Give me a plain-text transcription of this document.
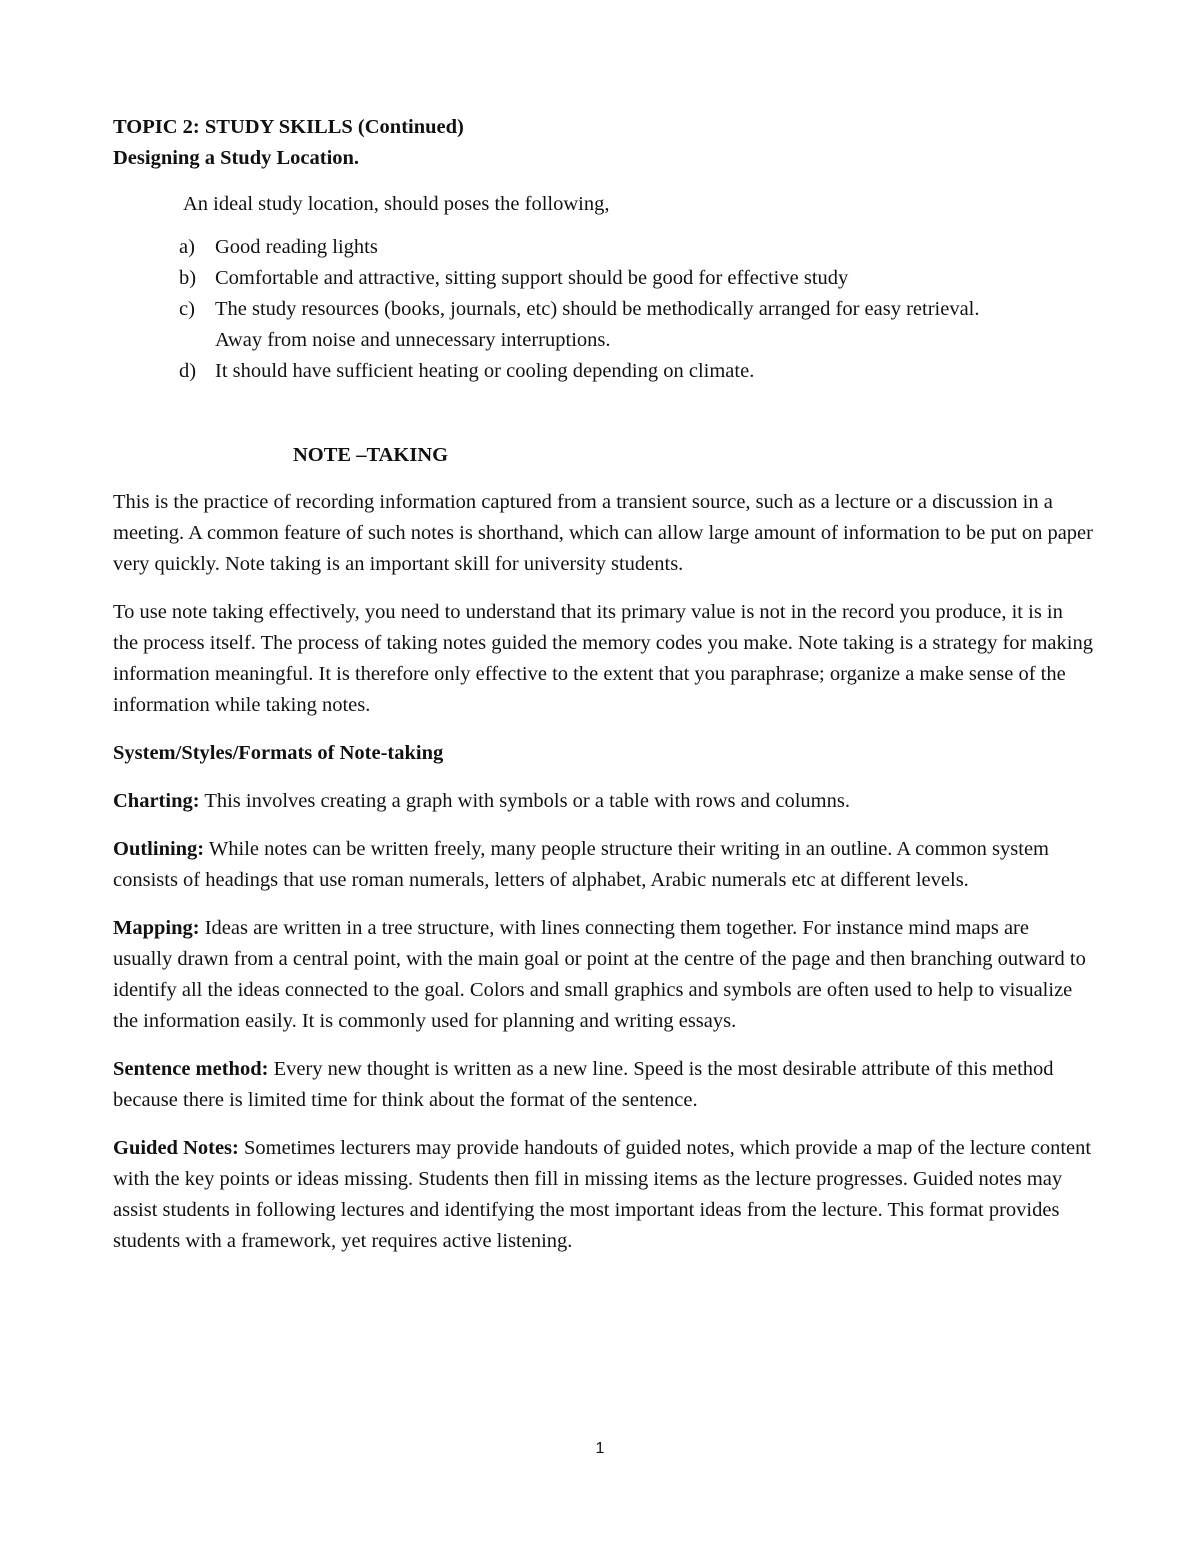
TOPIC 2: STUDY SKILLS (Continued)

Designing a Study Location.

An ideal study location, should poses the following,

a) Good reading lights
b) Comfortable and attractive, sitting support should be good for effective study
c) The study resources (books, journals, etc) should be methodically arranged for easy retrieval.
Away from noise and unnecessary interruptions.
d) It should have sufficient heating or cooling depending on climate.

NOTE –TAKING

This is the practice of recording information captured from a transient source, such as a lecture or a discussion in a meeting. A common feature of such notes is shorthand, which can allow large amount of information to be put on paper very quickly. Note taking is an important skill for university students.

To use note taking effectively, you need to understand that its primary value is not in the record you produce, it is in the process itself. The process of taking notes guided the memory codes you make. Note taking is a strategy for making information meaningful. It is therefore only effective to the extent that you paraphrase; organize a make sense of the information while taking notes.

System/Styles/Formats of Note-taking

Charting: This involves creating a graph with symbols or a table with rows and columns.

Outlining: While notes can be written freely, many people structure their writing in an outline. A common system consists of headings that use roman numerals, letters of alphabet, Arabic numerals etc at different levels.

Mapping: Ideas are written in a tree structure, with lines connecting them together. For instance mind maps are usually drawn from a central point, with the main goal or point at the centre of the page and then branching outward to identify all the ideas connected to the goal. Colors and small graphics and symbols are often used to help to visualize the information easily. It is commonly used for planning and writing essays.

Sentence method: Every new thought is written as a new line. Speed is the most desirable attribute of this method because there is limited time for think about the format of the sentence.

Guided Notes: Sometimes lecturers may provide handouts of guided notes, which provide a map of the lecture content with the key points or ideas missing. Students then fill in missing items as the lecture progresses. Guided notes may assist students in following lectures and identifying the most important ideas from the lecture. This format provides students with a framework, yet requires active listening.

1
